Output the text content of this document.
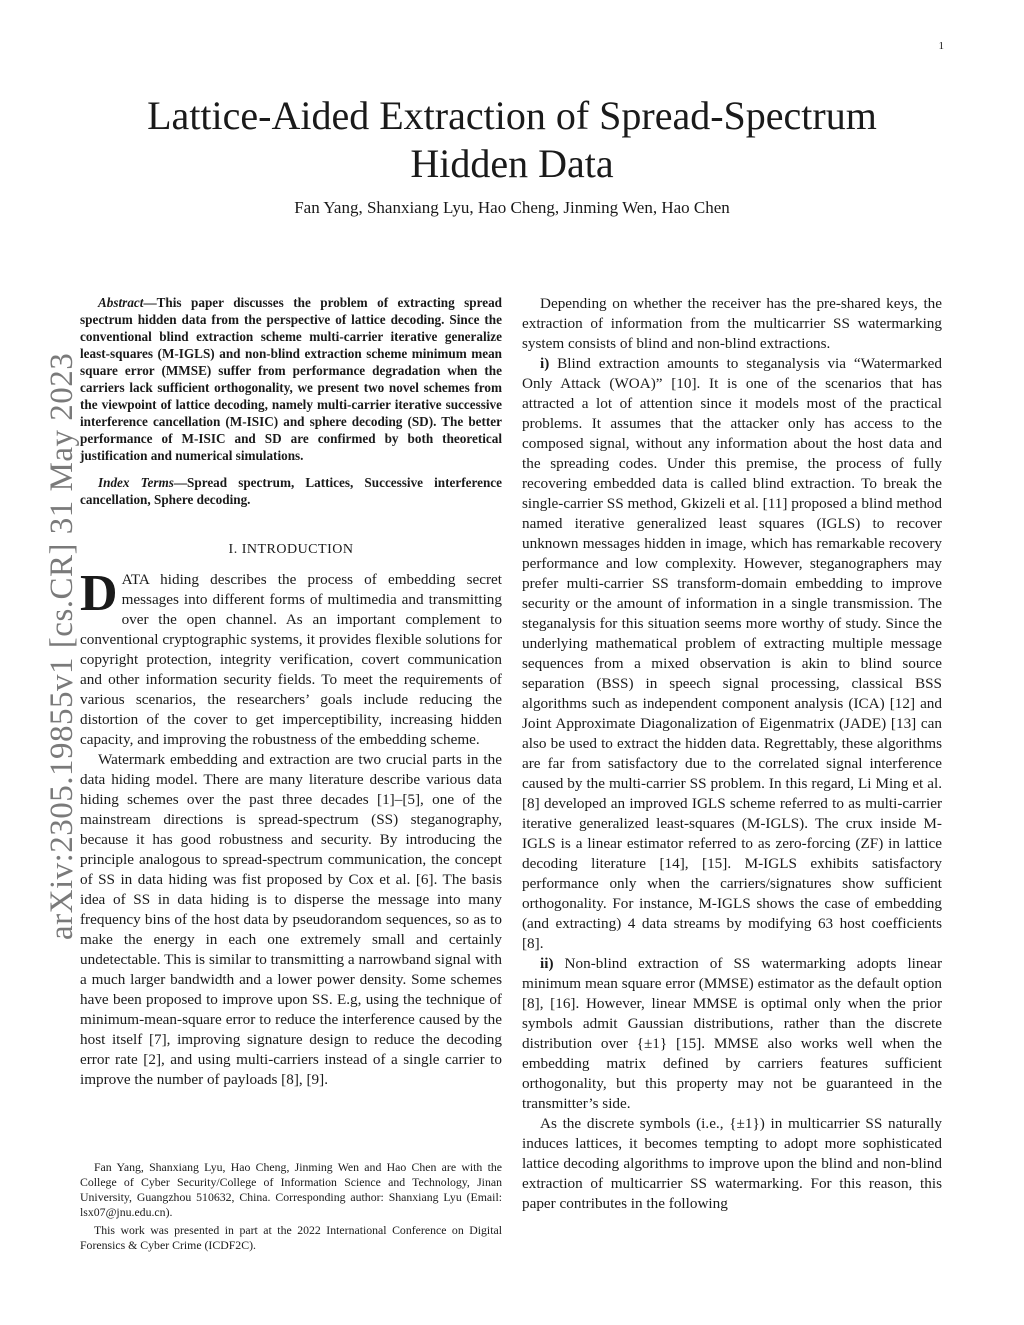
1
arXiv:2305.19855v1 [cs.CR] 31 May 2023
Lattice-Aided Extraction of Spread-Spectrum Hidden Data

Fan Yang, Shanxiang Lyu, Hao Cheng, Jinming Wen, Hao Chen

Abstract—This paper discusses the problem of extracting spread spectrum hidden data from the perspective of lattice decoding. Since the conventional blind extraction scheme multi-carrier iterative generalize least-squares (M-IGLS) and non-blind extraction scheme minimum mean square error (MMSE) suffer from performance degradation when the carriers lack sufficient orthogonality, we present two novel schemes from the viewpoint of lattice decoding, namely multi-carrier iterative successive interference cancellation (M-ISIC) and sphere decoding (SD). The better performance of M-ISIC and SD are confirmed by both theoretical justification and numerical simulations.

Index Terms—Spread spectrum, Lattices, Successive interference cancellation, Sphere decoding.

I. INTRODUCTION

DATA hiding describes the process of embedding secret messages into different forms of multimedia and transmitting over the open channel. As an important complement to conventional cryptographic systems, it provides flexible solutions for copyright protection, integrity verification, covert communication and other information security fields. To meet the requirements of various scenarios, the researchers’ goals include reducing the distortion of the cover to get imperceptibility, increasing hidden capacity, and improving the robustness of the embedding scheme.

Watermark embedding and extraction are two crucial parts in the data hiding model. There are many literature describe various data hiding schemes over the past three decades [1]–[5], one of the mainstream directions is spread-spectrum (SS) steganography, because it has good robustness and security. By introducing the principle analogous to spread-spectrum communication, the concept of SS in data hiding was fist proposed by Cox et al. [6]. The basis idea of SS in data hiding is to disperse the message into many frequency bins of the host data by pseudorandom sequences, so as to make the energy in each one extremely small and certainly undetectable. This is similar to transmitting a narrowband signal with a much larger bandwidth and a lower power density. Some schemes have been proposed to improve upon SS. E.g, using the technique of minimum-mean-square error to reduce the interference caused by the host itself [7], improving signature design to reduce the decoding error rate [2], and using multi-carriers instead of a single carrier to improve the number of payloads [8], [9].

Fan Yang, Shanxiang Lyu, Hao Cheng, Jinming Wen and Hao Chen are with the College of Cyber Security/College of Information Science and Technology, Jinan University, Guangzhou 510632, China. Corresponding author: Shanxiang Lyu (Email: lsx07@jnu.edu.cn).

This work was presented in part at the 2022 International Conference on Digital Forensics & Cyber Crime (ICDF2C).

Depending on whether the receiver has the pre-shared keys, the extraction of information from the multicarrier SS watermarking system consists of blind and non-blind extractions.

i) Blind extraction amounts to steganalysis via “Watermarked Only Attack (WOA)” [10]. It is one of the scenarios that has attracted a lot of attention since it models most of the practical problems. It assumes that the attacker only has access to the composed signal, without any information about the host data and the spreading codes. Under this premise, the process of fully recovering embedded data is called blind extraction. To break the single-carrier SS method, Gkizeli et al. [11] proposed a blind method named iterative generalized least squares (IGLS) to recover unknown messages hidden in image, which has remarkable recovery performance and low complexity. However, steganographers may prefer multi-carrier SS transform-domain embedding to improve security or the amount of information in a single transmission. The steganalysis for this situation seems more worthy of study. Since the underlying mathematical problem of extracting multiple message sequences from a mixed observation is akin to blind source separation (BSS) in speech signal processing, classical BSS algorithms such as independent component analysis (ICA) [12] and Joint Approximate Diagonalization of Eigenmatrix (JADE) [13] can also be used to extract the hidden data. Regrettably, these algorithms are far from satisfactory due to the correlated signal interference caused by the multi-carrier SS problem. In this regard, Li Ming et al. [8] developed an improved IGLS scheme referred to as multi-carrier iterative generalized least-squares (M-IGLS). The crux inside M-IGLS is a linear estimator referred to as zero-forcing (ZF) in lattice decoding literature [14], [15]. M-IGLS exhibits satisfactory performance only when the carriers/signatures show sufficient orthogonality. For instance, M-IGLS shows the case of embedding (and extracting) 4 data streams by modifying 63 host coefficients [8].

ii) Non-blind extraction of SS watermarking adopts linear minimum mean square error (MMSE) estimator as the default option [8], [16]. However, linear MMSE is optimal only when the prior symbols admit Gaussian distributions, rather than the discrete distribution over {±1} [15]. MMSE also works well when the embedding matrix defined by carriers features sufficient orthogonality, but this property may not be guaranteed in the transmitter’s side.

As the discrete symbols (i.e., {±1}) in multicarrier SS naturally induces lattices, it becomes tempting to adopt more sophisticated lattice decoding algorithms to improve upon the blind and non-blind extraction of multicarrier SS watermarking. For this reason, this paper contributes in the following
